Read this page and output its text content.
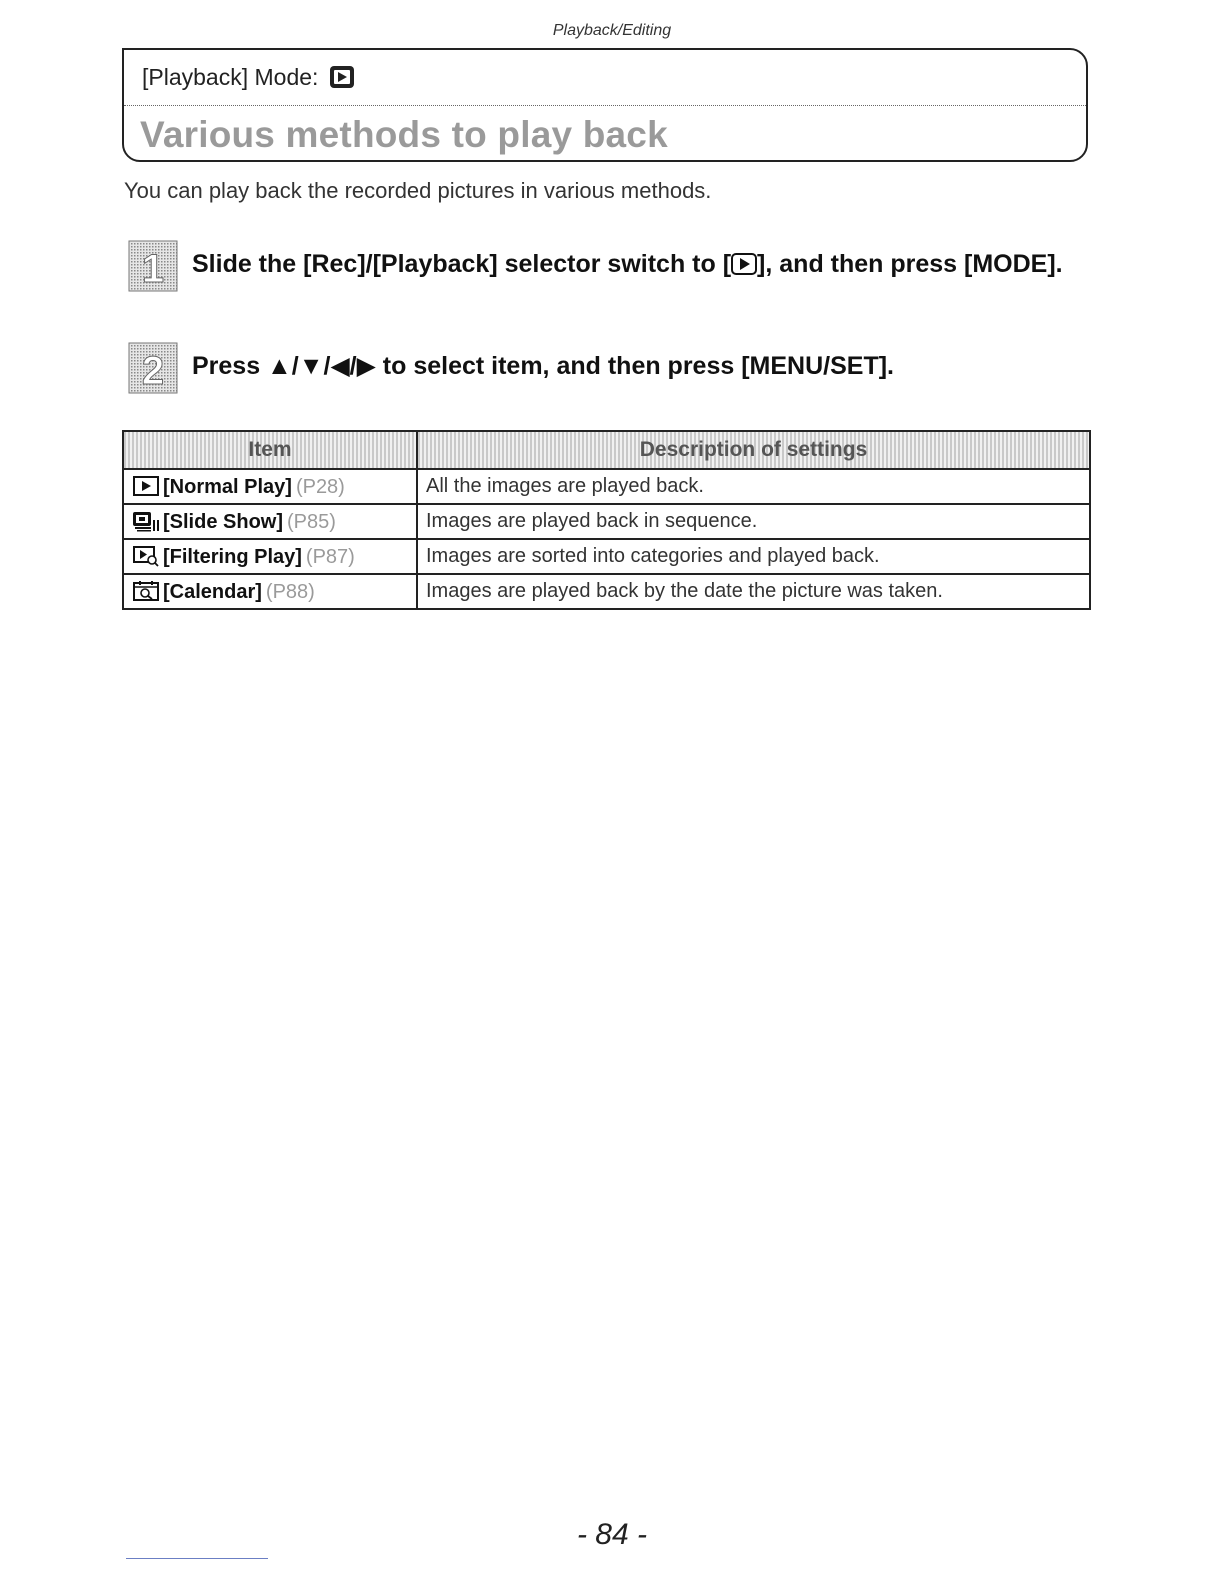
Playback/Editing
[Playback] Mode:
Various methods to play back
You can play back the recorded pictures in various methods.
1 Slide the [Rec]/[Playback] selector switch to [ ], and then press [MODE].
2 Press ▲/▼/◀/▶ to select item, and then press [MENU/SET].
Item	Description of settings
[Normal Play] (P28)	All the images are played back.
[Slide Show] (P85)	Images are played back in sequence.
[Filtering Play] (P87)	Images are sorted into categories and played back.
[Calendar] (P88)	Images are played back by the date the picture was taken.
- 84 -
